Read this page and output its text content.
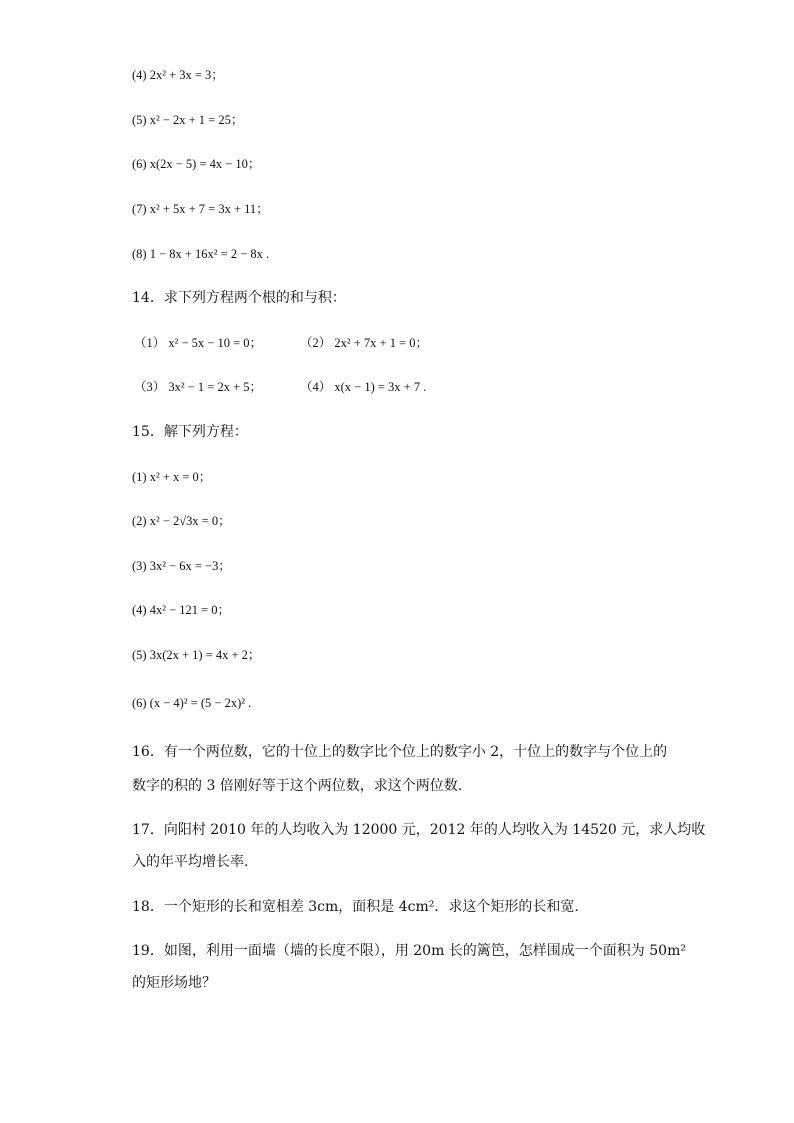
(4) 2x² + 3x = 3；
(5) x² − 2x + 1 = 25；
(6) x(2x − 5) = 4x − 10；
(7) x² + 5x + 7 = 3x + 11；
(8) 1 − 8x + 16x² = 2 − 8x .
14．求下列方程两个根的和与积：
（1） x² − 5x − 10 = 0；	（2） 2x² + 7x + 1 = 0；
（3） 3x² − 1 = 2x + 5；	（4） x(x − 1) = 3x + 7 .
15．解下列方程：
(1) x² + x = 0；
(2) x² − 2√3x = 0；
(3) 3x² − 6x = −3；
(4) 4x² − 121 = 0；
(5) 3x(2x + 1) = 4x + 2；
(6) (x − 4)² = (5 − 2x)² .
16．有一个两位数，它的十位上的数字比个位上的数字小 2，十位上的数字与个位上的
数字的积的 3 倍刚好等于这个两位数，求这个两位数.
17．向阳村 2010 年的人均收入为 12000 元，2012 年的人均收入为 14520 元，求人均收
入的年平均增长率.
18．一个矩形的长和宽相差 3cm，面积是 4cm²．求这个矩形的长和宽.
19．如图，利用一面墙（墙的长度不限），用 20m 长的篱笆，怎样围成一个面积为 50m²
的矩形场地？
